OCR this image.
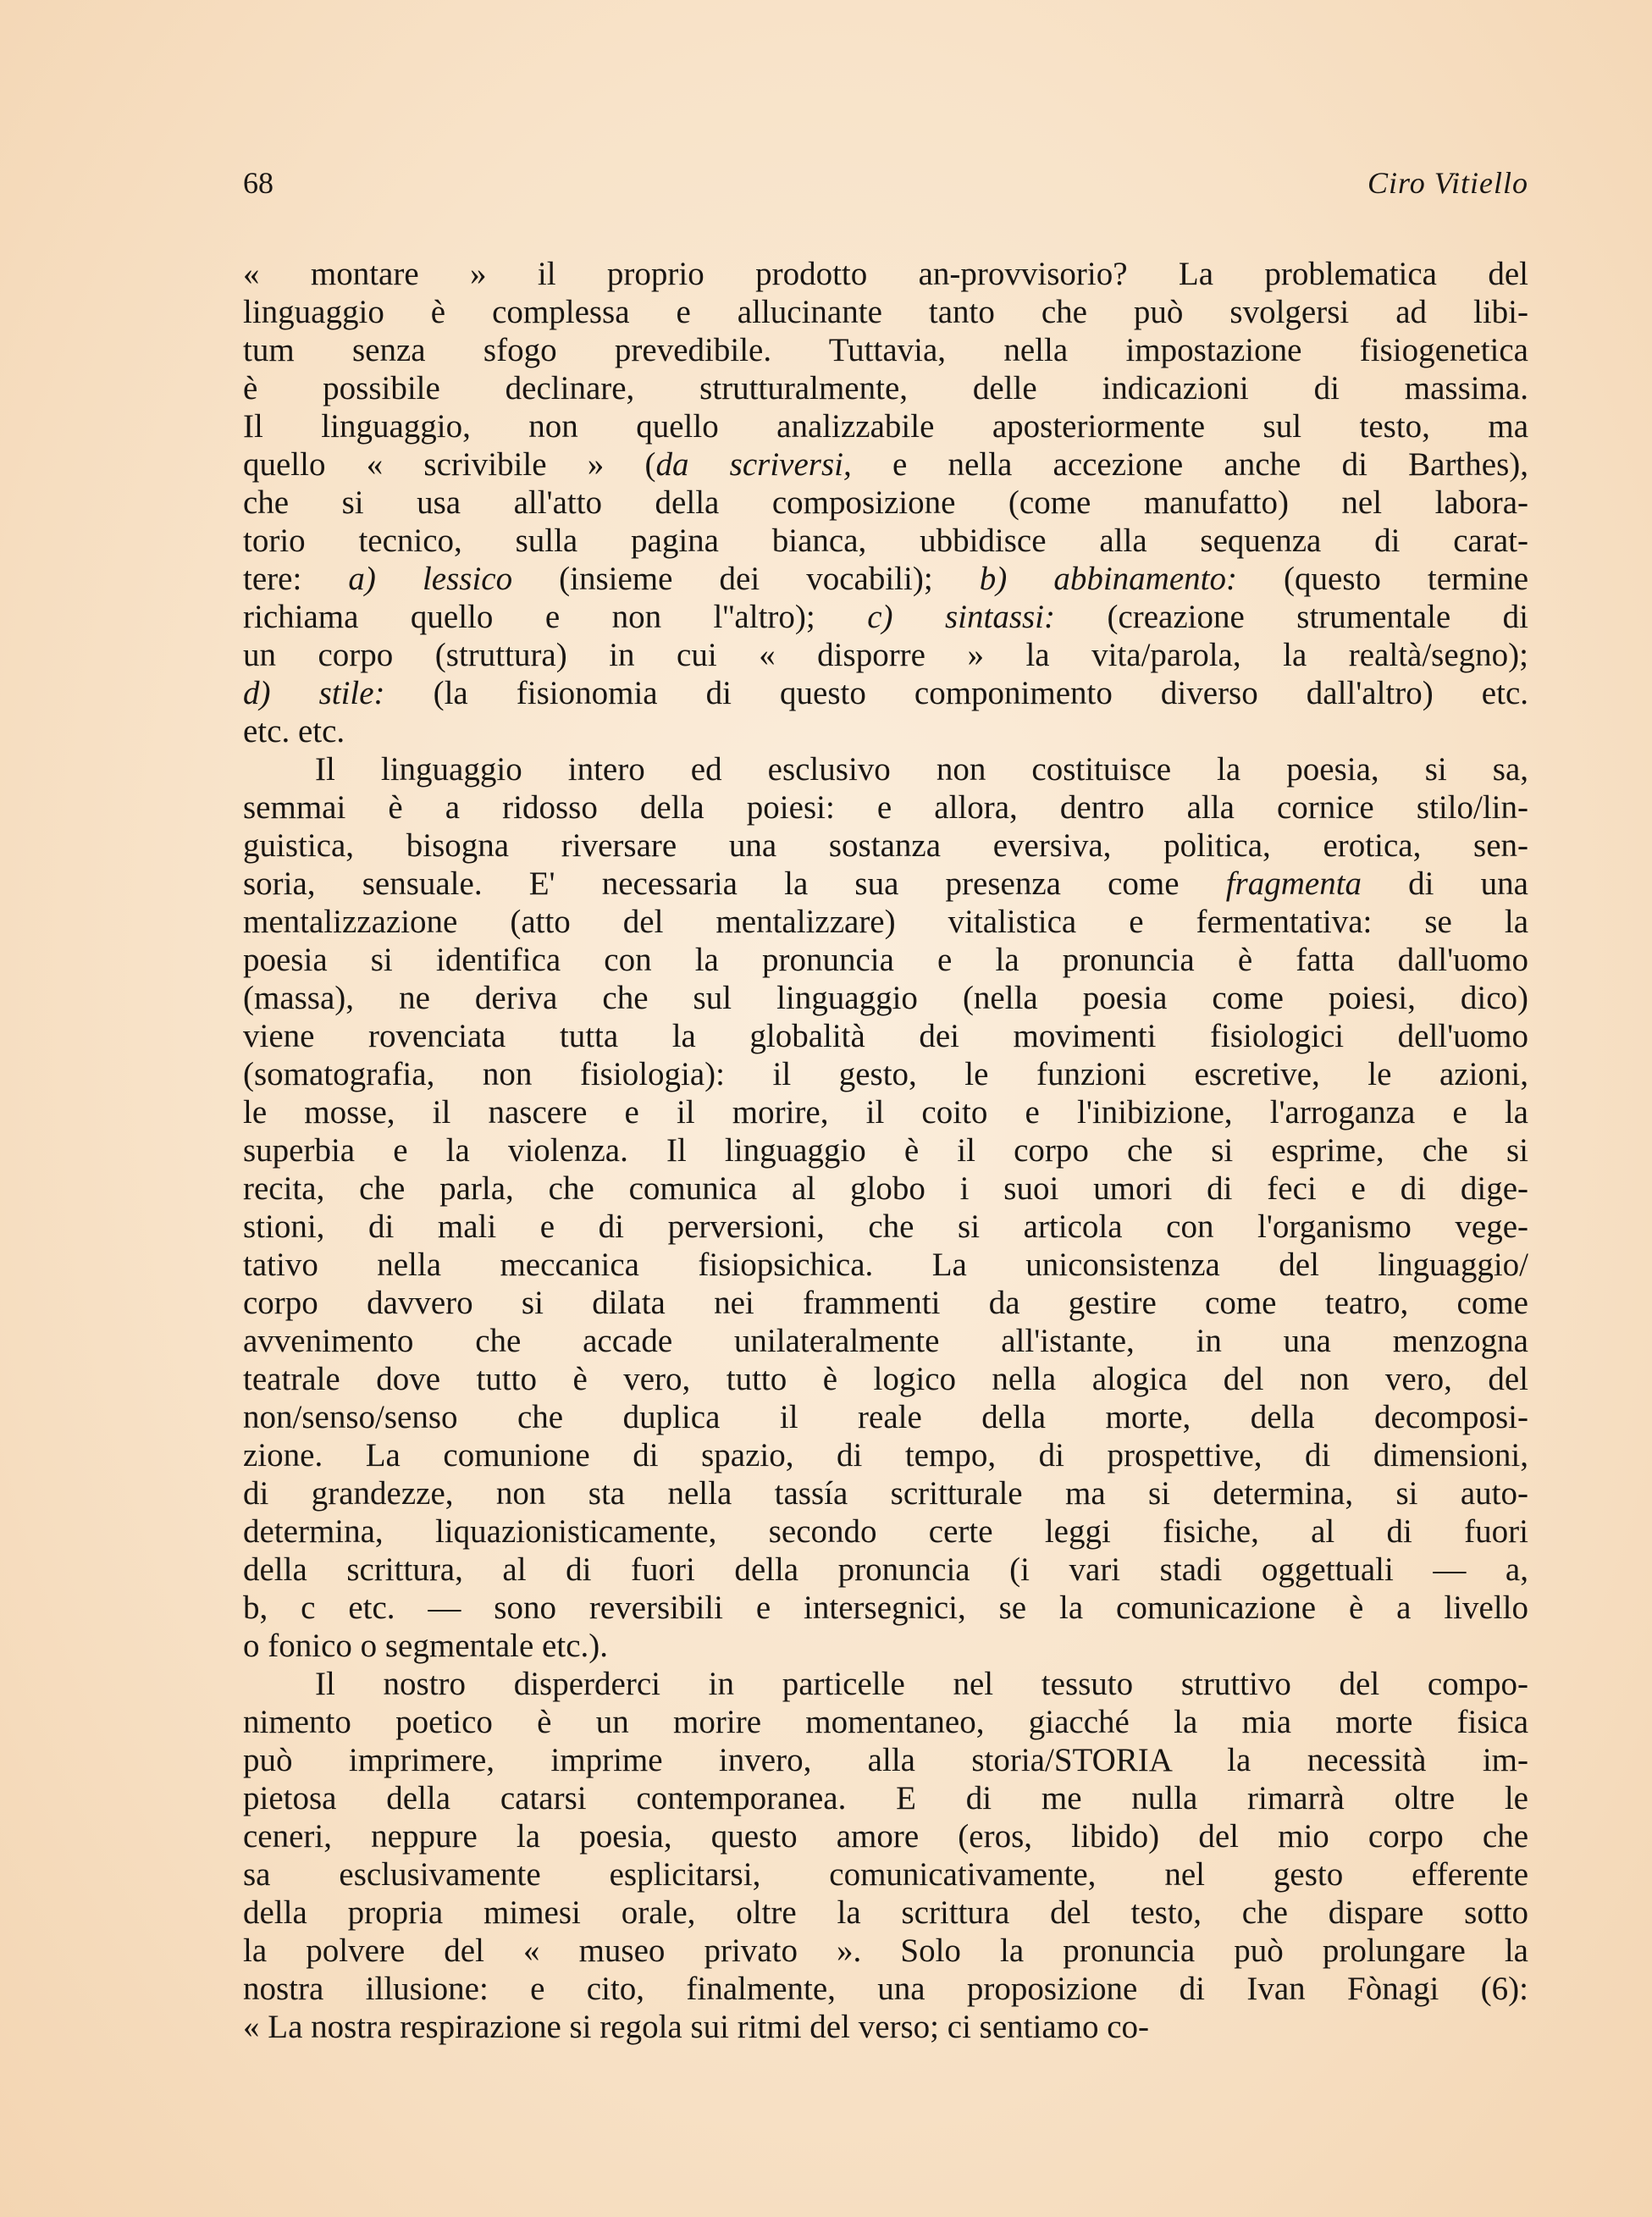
68	Ciro Vitiello

« montare » il proprio prodotto an-provvisorio? La problematica del
linguaggio è complessa e allucinante tanto che può svolgersi ad libi-
tum senza sfogo prevedibile. Tuttavia, nella impostazione fisiogenetica
è possibile declinare, strutturalmente, delle indicazioni di massima.
Il linguaggio, non quello analizzabile aposteriormente sul testo, ma
quello « scrivibile » (da scriversi, e nella accezione anche di Barthes),
che si usa all'atto della composizione (come manufatto) nel labora-
torio tecnico, sulla pagina bianca, ubbidisce alla sequenza di carat-
tere: a) lessico (insieme dei vocabili); b) abbinamento: (questo termine
richiama quello e non l''altro); c) sintassi: (creazione strumentale di
un corpo (struttura) in cui « disporre » la vita/parola, la realtà/segno);
d) stile: (la fisionomia di questo componimento diverso dall'altro) etc.
etc. etc.

Il linguaggio intero ed esclusivo non costituisce la poesia, si sa,
semmai è a ridosso della poiesi: e allora, dentro alla cornice stilo/lin-
guistica, bisogna riversare una sostanza eversiva, politica, erotica, sen-
soria, sensuale. E' necessaria la sua presenza come fragmenta di una
mentalizzazione (atto del mentalizzare) vitalistica e fermentativa: se la
poesia si identifica con la pronuncia e la pronuncia è fatta dall'uomo
(massa), ne deriva che sul linguaggio (nella poesia come poiesi, dico)
viene rovenciata tutta la globalità dei movimenti fisiologici dell'uomo
(somatografia, non fisiologia): il gesto, le funzioni escretive, le azioni,
le mosse, il nascere e il morire, il coito e l'inibizione, l'arroganza e la
superbia e la violenza. Il linguaggio è il corpo che si esprime, che si
recita, che parla, che comunica al globo i suoi umori di feci e di dige-
stioni, di mali e di perversioni, che si articola con l'organismo vege-
tativo nella meccanica fisiopsichica. La uniconsistenza del linguaggio/
corpo davvero si dilata nei frammenti da gestire come teatro, come
avvenimento che accade unilateralmente all'istante, in una menzogna
teatrale dove tutto è vero, tutto è logico nella alogica del non vero, del
non/senso/senso che duplica il reale della morte, della decomposi-
zione. La comunione di spazio, di tempo, di prospettive, di dimensioni,
di grandezze, non sta nella tassía scritturale ma si determina, si auto-
determina, liquazionisticamente, secondo certe leggi fisiche, al di fuori
della scrittura, al di fuori della pronuncia (i vari stadi oggettuali — a,
b, c etc. — sono reversibili e intersegnici, se la comunicazione è a livello
o fonico o segmentale etc.).

Il nostro disperderci in particelle nel tessuto struttivo del compo-
nimento poetico è un morire momentaneo, giacché la mia morte fisica
può imprimere, imprime invero, alla storia/STORIA la necessità im-
pietosa della catarsi contemporanea. E di me nulla rimarrà oltre le
ceneri, neppure la poesia, questo amore (eros, libido) del mio corpo che
sa esclusivamente esplicitarsi, comunicativamente, nel gesto efferente
della propria mimesi orale, oltre la scrittura del testo, che dispare sotto
la polvere del « museo privato ». Solo la pronuncia può prolungare la
nostra illusione: e cito, finalmente, una proposizione di Ivan Fònagi (6):
« La nostra respirazione si regola sui ritmi del verso; ci sentiamo co-
